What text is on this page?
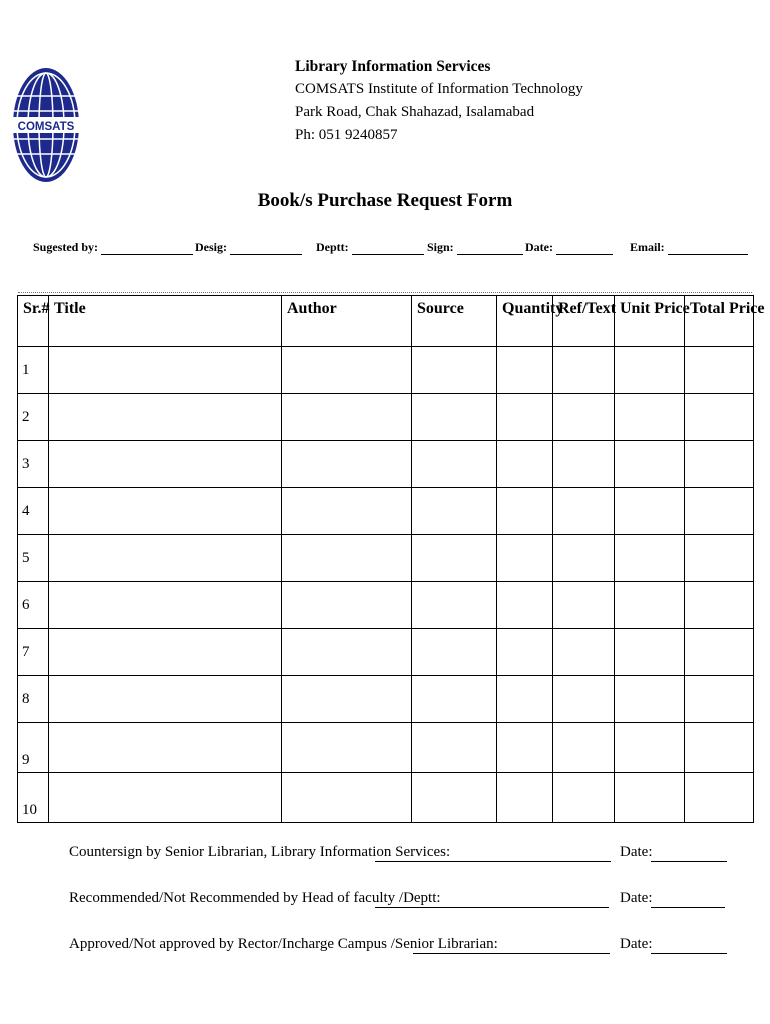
COMSATS
Library Information Services
COMSATS Institute of Information Technology
Park Road, Chak Shahazad, Isalamabad
Ph: 051 9240857
Book/s Purchase Request Form
Sugested by:	Desig:	Deptt:	Sign:	Date:	Email:
Sr.#	Title	Author	Source	Quantity	Ref/Text	Unit Price	Total Price
1							
2							
3							
4							
5							
6							
7							
8							
9							
10							
Countersign by Senior Librarian, Library Information Services:	Date:
Recommended/Not Recommended by Head of faculty /Deptt:	Date:
Approved/Not approved by Rector/Incharge Campus /Senior Librarian:	Date:
